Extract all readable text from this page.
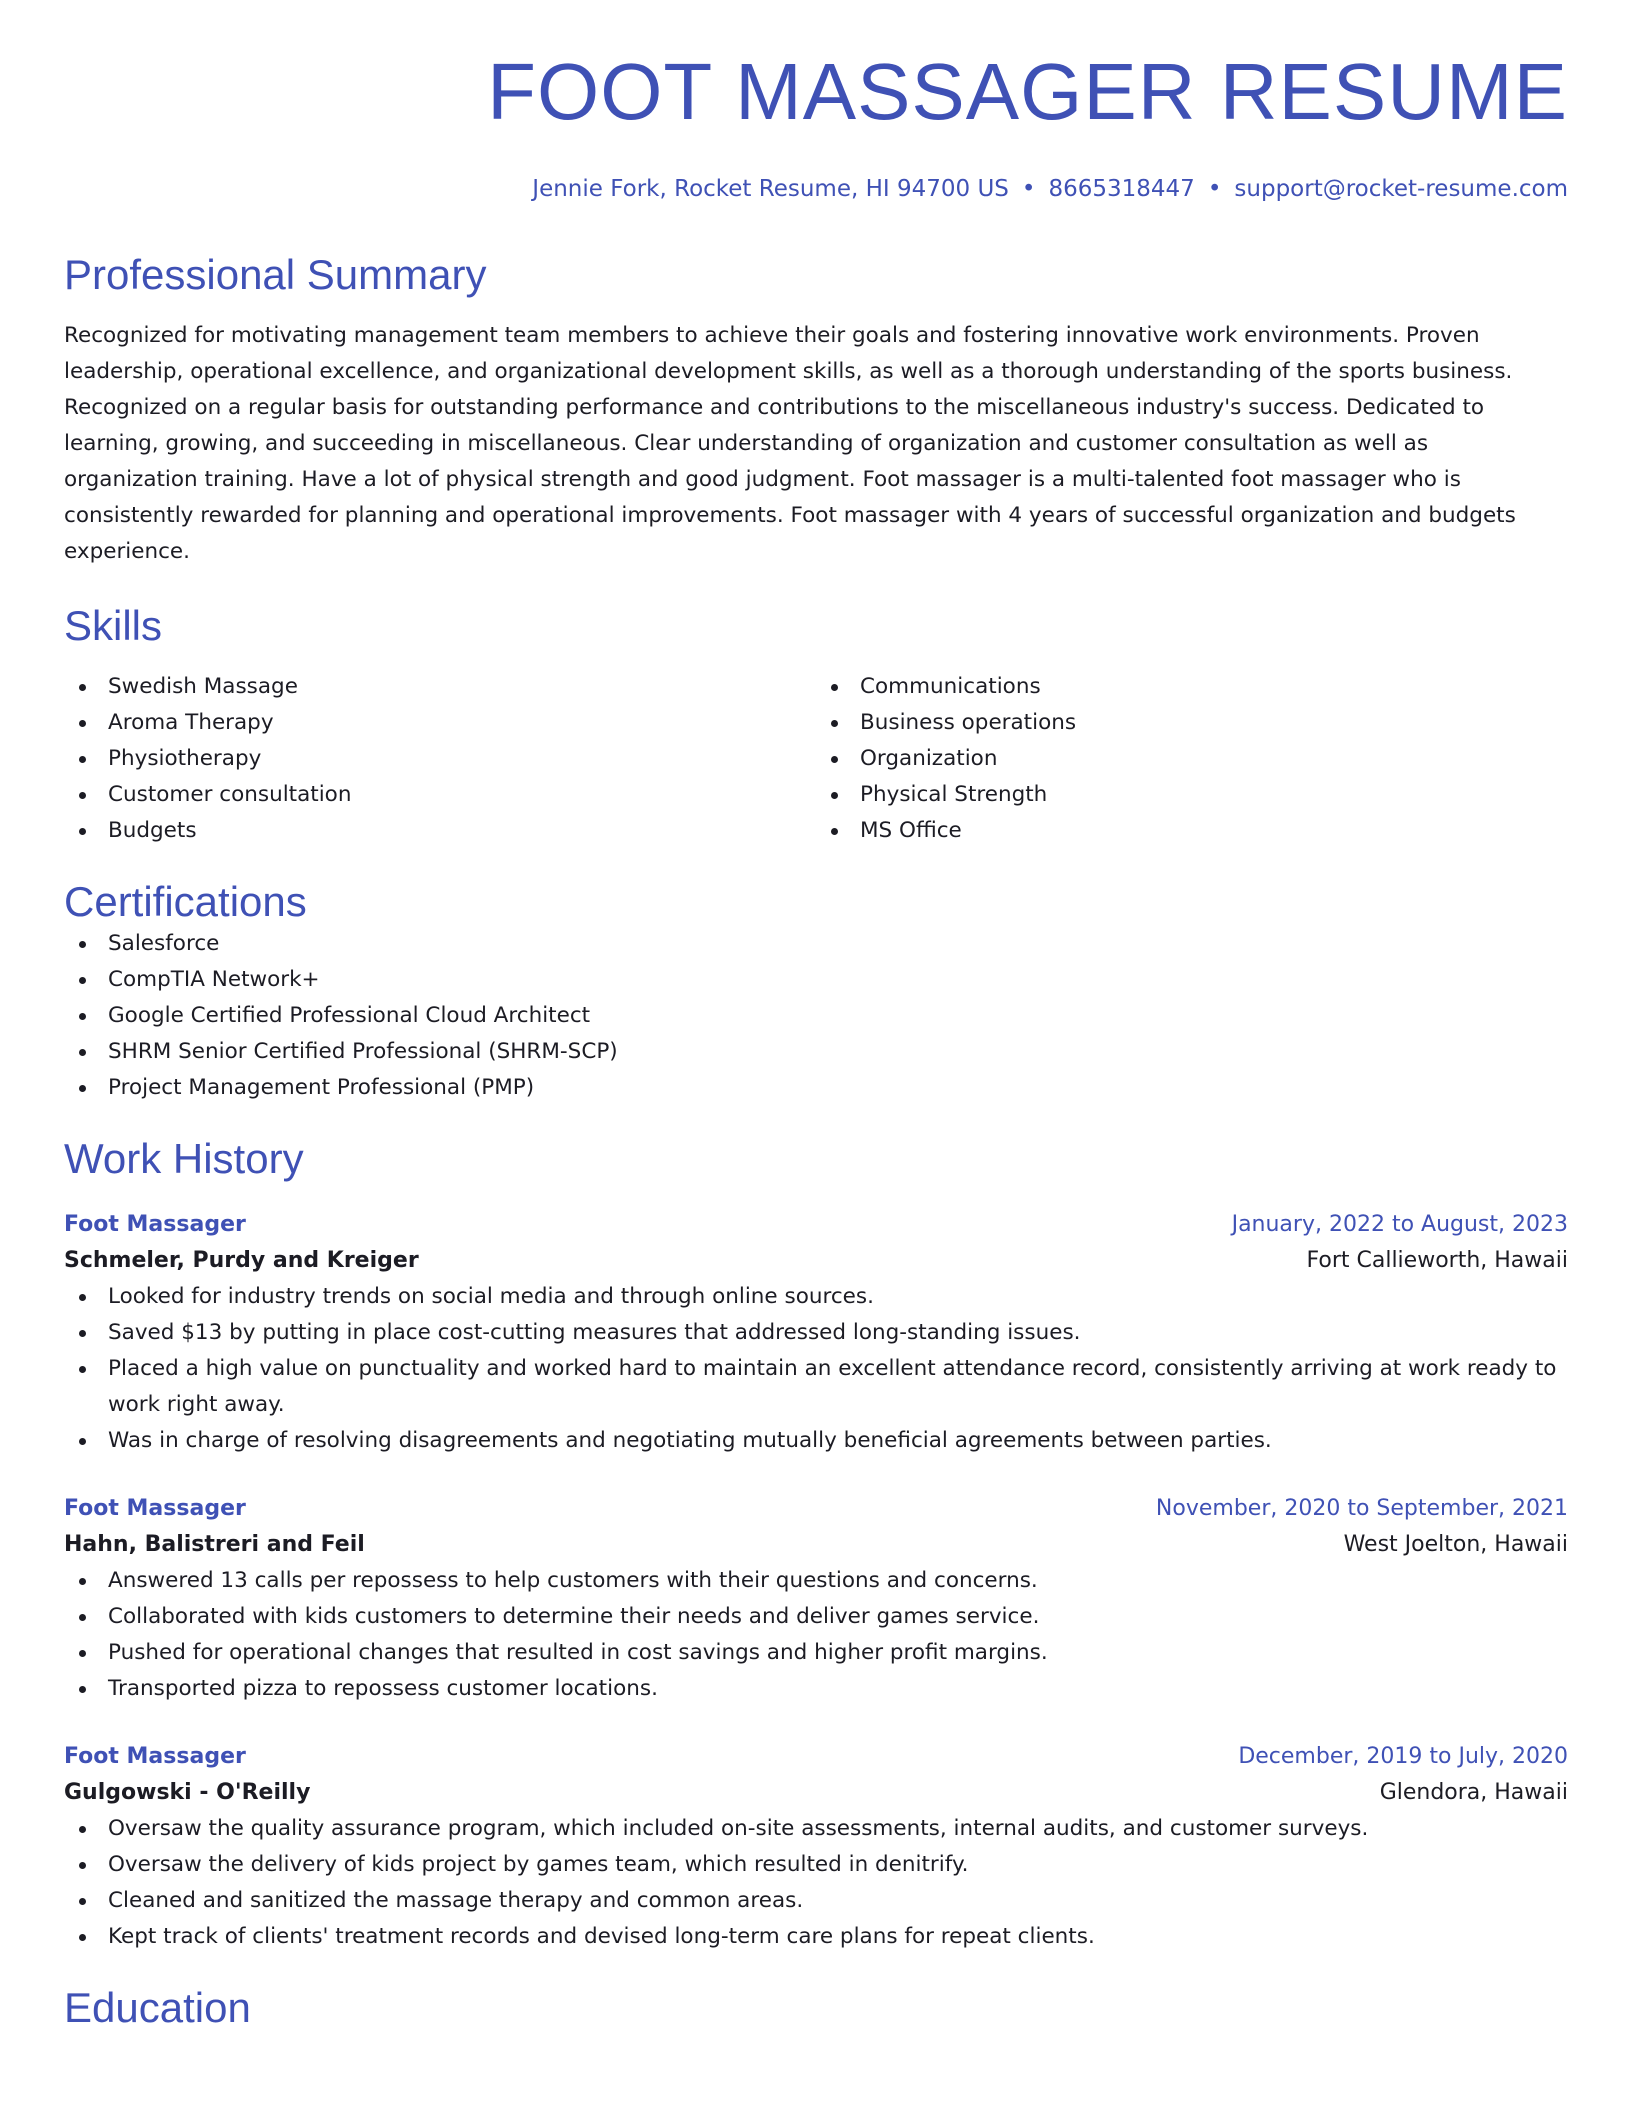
FOOT MASSAGER RESUME
Jennie Fork, Rocket Resume, HI 94700 US • 8665318447 • support@rocket-resume.com
Professional Summary

Recognized for motivating management team members to achieve their goals and fostering innovative work environments. Proven leadership, operational excellence, and organizational development skills, as well as a thorough understanding of the sports business. Recognized on a regular basis for outstanding performance and contributions to the miscellaneous industry's success. Dedicated to learning, growing, and succeeding in miscellaneous. Clear understanding of organization and customer consultation as well as organization training. Have a lot of physical strength and good judgment. Foot massager is a multi-talented foot massager who is consistently rewarded for planning and operational improvements. Foot massager with 4 years of successful organization and budgets experience.

Skills
Swedish Massage
Aroma Therapy
Physiotherapy
Customer consultation
Budgets
Communications
Business operations
Organization
Physical Strength
MS Office
Certifications
Salesforce
CompTIA Network+
Google Certified Professional Cloud Architect
SHRM Senior Certified Professional (SHRM-SCP)
Project Management Professional (PMP)
Work History
Foot Massager	January, 2022 to August, 2023
Schmeler, Purdy and Kreiger	Fort Callieworth, Hawaii
Looked for industry trends on social media and through online sources.
Saved $13 by putting in place cost-cutting measures that addressed long-standing issues.
Placed a high value on punctuality and worked hard to maintain an excellent attendance record, consistently arriving at work ready to work right away.
Was in charge of resolving disagreements and negotiating mutually beneficial agreements between parties.
Foot Massager	November, 2020 to September, 2021
Hahn, Balistreri and Feil	West Joelton, Hawaii
Answered 13 calls per repossess to help customers with their questions and concerns.
Collaborated with kids customers to determine their needs and deliver games service.
Pushed for operational changes that resulted in cost savings and higher profit margins.
Transported pizza to repossess customer locations.
Foot Massager	December, 2019 to July, 2020
Gulgowski - O'Reilly	Glendora, Hawaii
Oversaw the quality assurance program, which included on-site assessments, internal audits, and customer surveys.
Oversaw the delivery of kids project by games team, which resulted in denitrify.
Cleaned and sanitized the massage therapy and common areas.
Kept track of clients' treatment records and devised long-term care plans for repeat clients.
Education
